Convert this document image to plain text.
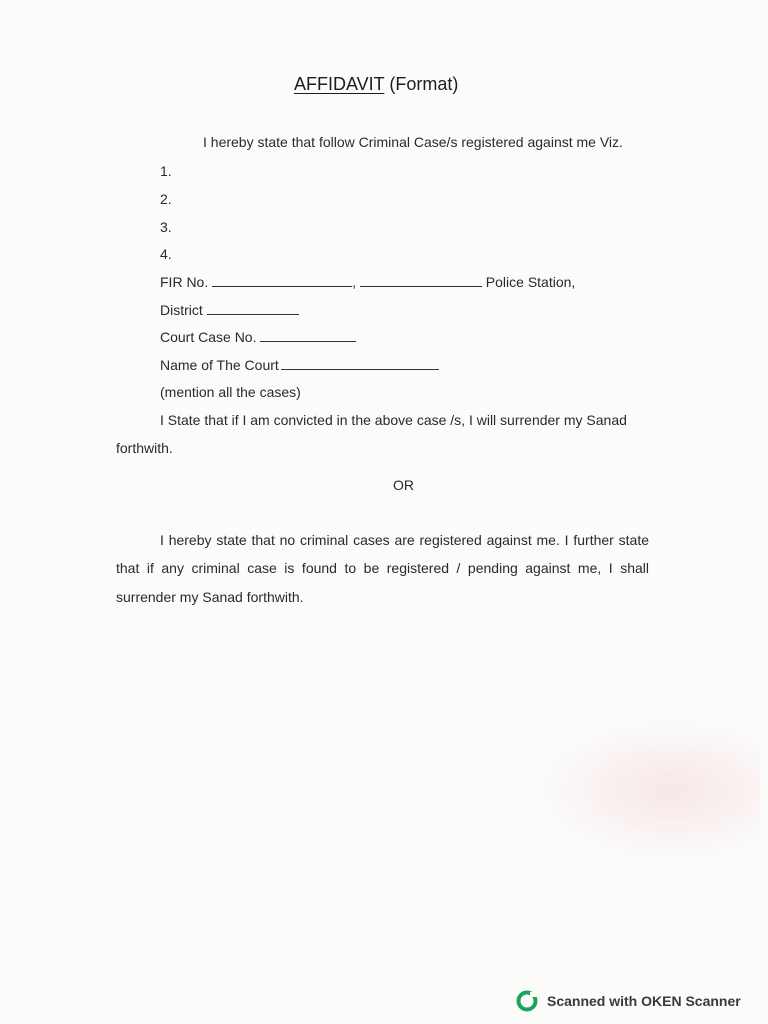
AFFIDAVIT (Format)
I hereby state that follow Criminal Case/s registered against me Viz.
1.
2.
3.
4.
FIR No.	,	Police Station,
District
Court Case No.
Name of The Court
(mention all the cases)
I State that if I am convicted in the above case /s, I will surrender my Sanad
forthwith.
OR
I hereby state that no criminal cases are registered against me. I further state
that if any criminal case is found to be registered / pending against me, I shall
surrender my Sanad forthwith.
Scanned with OKEN Scanner
